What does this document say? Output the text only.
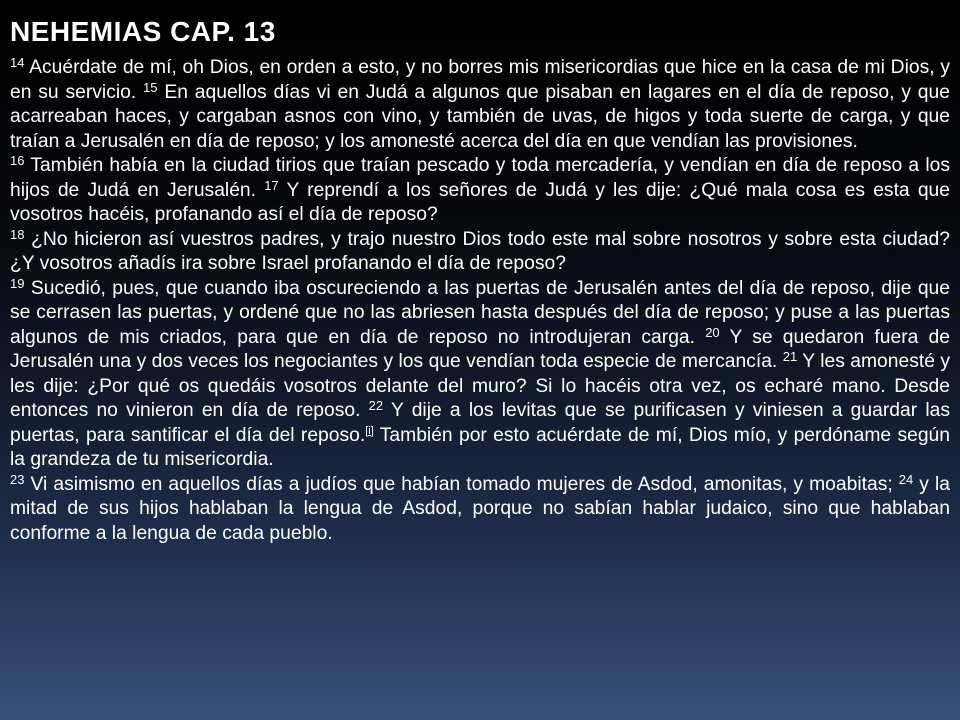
NEHEMIAS CAP. 13

$^{14}$ Acuérdate de mí, oh Dios, en orden a esto, y no borres mis misericordias que hice en la casa de mi Dios, y en su servicio. $^{15}$ En aquellos días vi en Judá a algunos que pisaban en lagares en el día de reposo, y que acarreaban haces, y cargaban asnos con vino, y también de uvas, de higos y toda suerte de carga, y que traían a Jerusalén en día de reposo; y los amonesté acerca del día en que vendían las provisiones.

$^{16}$ También había en la ciudad tirios que traían pescado y toda mercadería, y vendían en día de reposo a los hijos de Judá en Jerusalén. $^{17}$ Y reprendí a los señores de Judá y les dije: ¿Qué mala cosa es esta que vosotros hacéis, profanando así el día de reposo?

$^{18}$ ¿No hicieron así vuestros padres, y trajo nuestro Dios todo este mal sobre nosotros y sobre esta ciudad? ¿Y vosotros añadís ira sobre Israel profanando el día de reposo?

$^{19}$ Sucedió, pues, que cuando iba oscureciendo a las puertas de Jerusalén antes del día de reposo, dije que se cerrasen las puertas, y ordené que no las abriesen hasta después del día de reposo; y puse a las puertas algunos de mis criados, para que en día de reposo no introdujeran carga. $^{20}$ Y se quedaron fuera de Jerusalén una y dos veces los negociantes y los que vendían toda especie de mercancía. $^{21}$ Y les amonesté y les dije: ¿Por qué os quedáis vosotros delante del muro? Si lo hacéis otra vez, os echaré mano. Desde entonces no vinieron en día de reposo. $^{22}$ Y dije a los levitas que se purificasen y viniesen a guardar las puertas, para santificar el día del reposo.[i] También por esto acuérdate de mí, Dios mío, y perdóname según la grandeza de tu misericordia.

$^{23}$ Vi asimismo en aquellos días a judíos que habían tomado mujeres de Asdod, amonitas, y moabitas; $^{24}$ y la mitad de sus hijos hablaban la lengua de Asdod, porque no sabían hablar judaico, sino que hablaban conforme a la lengua de cada pueblo.
